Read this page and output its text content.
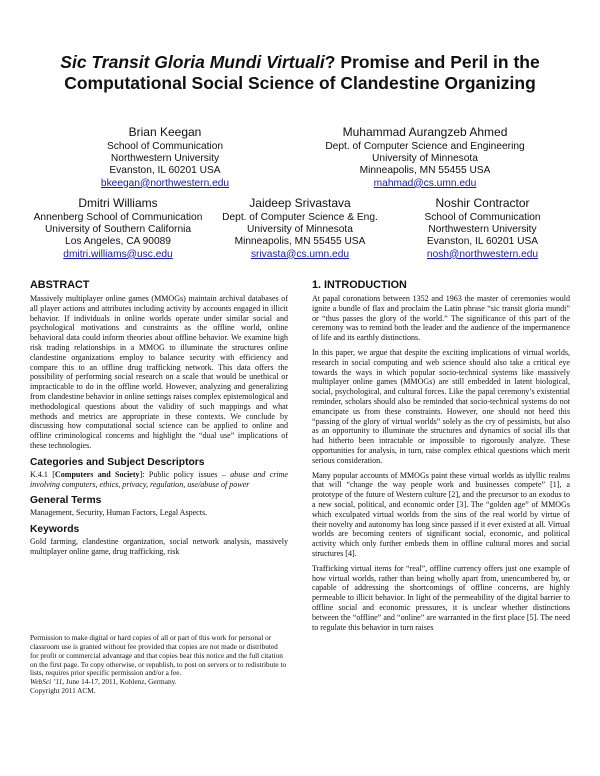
Sic Transit Gloria Mundi Virtuali? Promise and Peril in the
Computational Social Science of Clandestine Organizing
Brian Keegan
School of Communication
Northwestern University
Evanston, IL 60201 USA
bkeegan@northwestern.edu
Muhammad Aurangzeb Ahmed
Dept. of Computer Science and Engineering
University of Minnesota
Minneapolis, MN 55455 USA
mahmad@cs.umn.edu
Dmitri Williams
Annenberg School of Communication
University of Southern California
Los Angeles, CA 90089
dmitri.williams@usc.edu
Jaideep Srivastava
Dept. of Computer Science & Eng.
University of Minnesota
Minneapolis, MN 55455 USA
srivasta@cs.umn.edu
Noshir Contractor
School of Communication
Northwestern University
Evanston, IL 60201 USA
nosh@northwestern.edu
ABSTRACT

Massively multiplayer online games (MMOGs) maintain archival databases of all player actions and attributes including activity by accounts engaged in illicit behavior. If individuals in online worlds operate under similar social and psychological motivations and constraints as the offline world, online behavioral data could inform theories about offline behavior. We examine high risk trading relationships in a MMOG to illuminate the structures online clandestine organizations employ to balance security with efficiency and compare this to an offline drug trafficking network. This data offers the possibility of performing social research on a scale that would be unethical or impracticable to do in the offline world. However, analyzing and generalizing from clandestine behavior in online settings raises complex epistemological and methodological questions about the validity of such mappings and what methods and metrics are appropriate in these contexts. We conclude by discussing how computational social science can be applied to online and offline criminological concerns and highlight the “dual use” implications of these technologies.

Categories and Subject Descriptors

K.4.1 [Computers and Society]: Public policy issues – abuse and crime involving computers, ethics, privacy, regulation, use/abuse of power

General Terms

Management, Security, Human Factors, Legal Aspects.

Keywords

Gold farming, clandestine organization, social network analysis, massively multiplayer online game, drug trafficking, risk

Permission to make digital or hard copies of all or part of this work for personal or classroom use is granted without fee provided that copies are not made or distributed for profit or commercial advantage and that copies bear this notice and the full citation on the first page. To copy otherwise, or republish, to post on servers or to redistribute to lists, requires prior specific permission and/or a fee.
WebSci ’11, June 14-17, 2011, Koblenz, Germany.
Copyright 2011 ACM.
1. INTRODUCTION

At papal coronations between 1352 and 1963 the master of ceremonies would ignite a bundle of flax and proclaim the Latin phrase “sic transit gloria mundi” or “thus passes the glory of the world.” The significance of this part of the ceremony was to remind both the leader and the audience of the impermanence of life and its earthly distinctions.

In this paper, we argue that despite the exciting implications of virtual worlds, research in social computing and web science should also take a critical eye towards the ways in which popular socio-technical systems like massively multiplayer online games (MMOGs) are still embedded in latent biological, social, psychological, and cultural forces. Like the papal ceremony’s existential reminder, scholars should also be reminded that socio-technical systems do not emancipate us from these constraints. However, one should not heed this “passing of the glory of virtual worlds” solely as the cry of pessimists, but also as an opportunity to illuminate the structures and dynamics of social ills that had hitherto been intractable or impossible to rigorously analyze. These opportunities for analysis, in turn, raise complex ethical questions which merit serious consideration.

Many popular accounts of MMOGs paint these virtual worlds as idyllic realms that will “change the way people work and businesses compete” [1], a prototype of the future of Western culture [2], and the precursor to an exodus to a new social, political, and economic order [3]. The “golden age” of MMOGs which exculpated virtual worlds from the sins of the real world by virtue of their novelty and autonomy has long since passed if it ever existed at all. Virtual worlds are becoming centers of significant social, economic, and political activity which only further embeds them in offline cultural mores and social structures [4].

Trafficking virtual items for “real”, offline currency offers just one example of how virtual worlds, rather than being wholly apart from, unencumbered by, or capable of addressing the shortcomings of offline concerns, are highly permeable to illicit behavior. In light of the permeability of the digital barrier to offline social and economic pressures, it is unclear whether distinctions between the “offline” and “online” are warranted in the first place [5]. The need to regulate this behavior in turn raises
